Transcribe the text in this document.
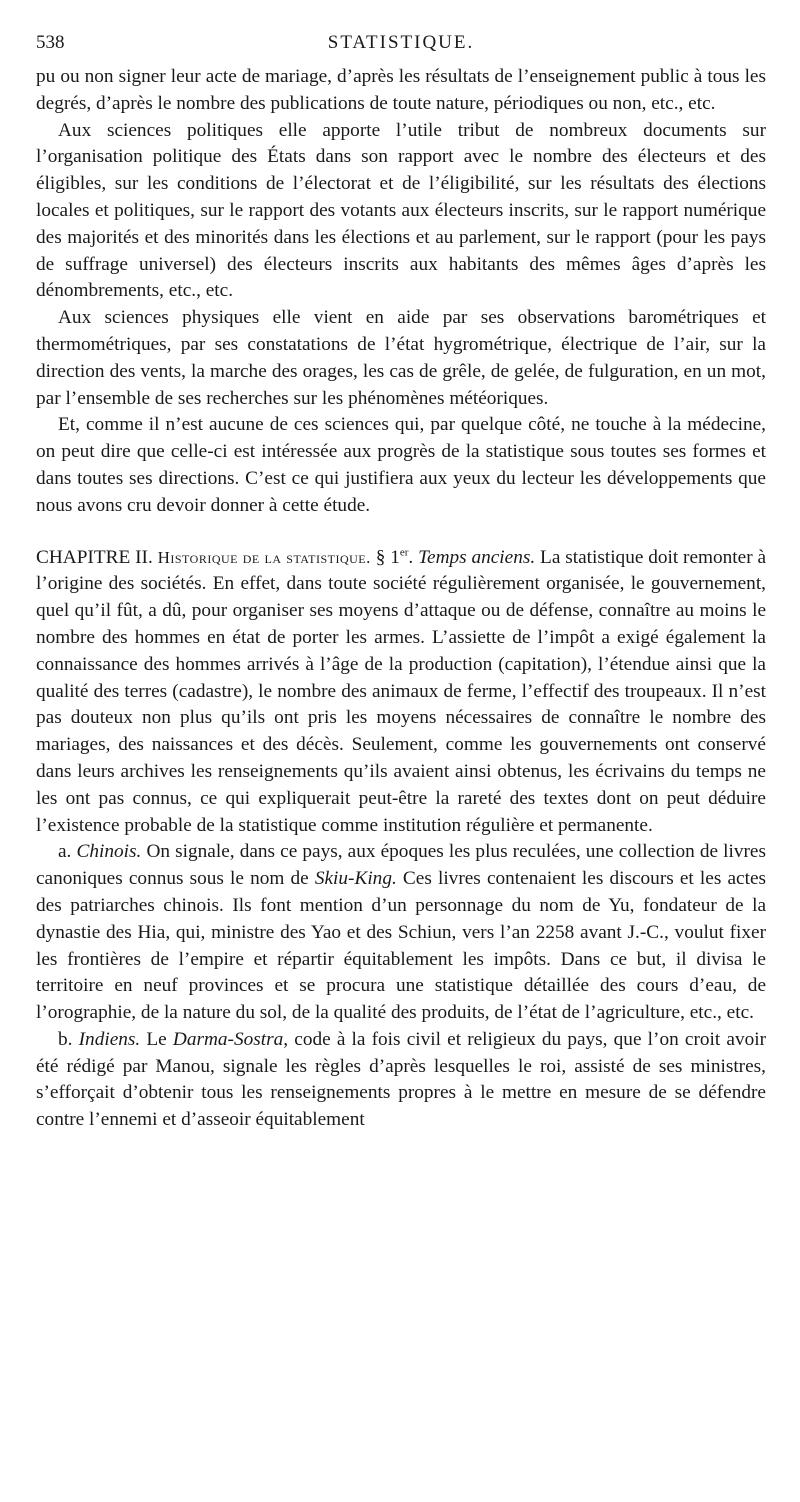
538	STATISTIQUE.

pu ou non signer leur acte de mariage, d’après les résultats de l’enseignement public à tous les degrés, d’après le nombre des publications de toute nature, périodiques ou non, etc., etc.

Aux sciences politiques elle apporte l’utile tribut de nombreux documents sur l’organisation politique des États dans son rapport avec le nombre des électeurs et des éligibles, sur les conditions de l’électorat et de l’éligibilité, sur les résultats des élections locales et politiques, sur le rapport des votants aux électeurs inscrits, sur le rapport numérique des majorités et des minorités dans les élections et au parlement, sur le rapport (pour les pays de suffrage universel) des électeurs inscrits aux habitants des mêmes âges d’après les dénombrements, etc., etc.

Aux sciences physiques elle vient en aide par ses observations barométriques et thermométriques, par ses constatations de l’état hygrométrique, électrique de l’air, sur la direction des vents, la marche des orages, les cas de grêle, de gelée, de fulguration, en un mot, par l’ensemble de ses recherches sur les phénomènes météoriques.

Et, comme il n’est aucune de ces sciences qui, par quelque côté, ne touche à la médecine, on peut dire que celle-ci est intéressée aux progrès de la statistique sous toutes ses formes et dans toutes ses directions. C’est ce qui justifiera aux yeux du lecteur les développements que nous avons cru devoir donner à cette étude.

CHAPITRE II. Historique de la statistique. § 1er. Temps anciens. La statistique doit remonter à l’origine des sociétés. En effet, dans toute société régulièrement organisée, le gouvernement, quel qu’il fût, a dû, pour organiser ses moyens d’attaque ou de défense, connaître au moins le nombre des hommes en état de porter les armes. L’assiette de l’impôt a exigé également la connaissance des hommes arrivés à l’âge de la production (capitation), l’étendue ainsi que la qualité des terres (cadastre), le nombre des animaux de ferme, l’effectif des troupeaux. Il n’est pas douteux non plus qu’ils ont pris les moyens nécessaires de connaître le nombre des mariages, des naissances et des décès. Seulement, comme les gouvernements ont conservé dans leurs archives les renseignements qu’ils avaient ainsi obtenus, les écrivains du temps ne les ont pas connus, ce qui expliquerait peut-être la rareté des textes dont on peut déduire l’existence probable de la statistique comme institution régulière et permanente.

a. Chinois. On signale, dans ce pays, aux époques les plus reculées, une collection de livres canoniques connus sous le nom de Skiu-King. Ces livres contenaient les discours et les actes des patriarches chinois. Ils font mention d’un personnage du nom de Yu, fondateur de la dynastie des Hia, qui, ministre des Yao et des Schiun, vers l’an 2258 avant J.-C., voulut fixer les frontières de l’empire et répartir équitablement les impôts. Dans ce but, il divisa le territoire en neuf provinces et se procura une statistique détaillée des cours d’eau, de l’orographie, de la nature du sol, de la qualité des produits, de l’état de l’agriculture, etc., etc.

b. Indiens. Le Darma-Sostra, code à la fois civil et religieux du pays, que l’on croit avoir été rédigé par Manou, signale les règles d’après lesquelles le roi, assisté de ses ministres, s’efforçait d’obtenir tous les renseignements propres à le mettre en mesure de se défendre contre l’ennemi et d’asseoir équitablement
